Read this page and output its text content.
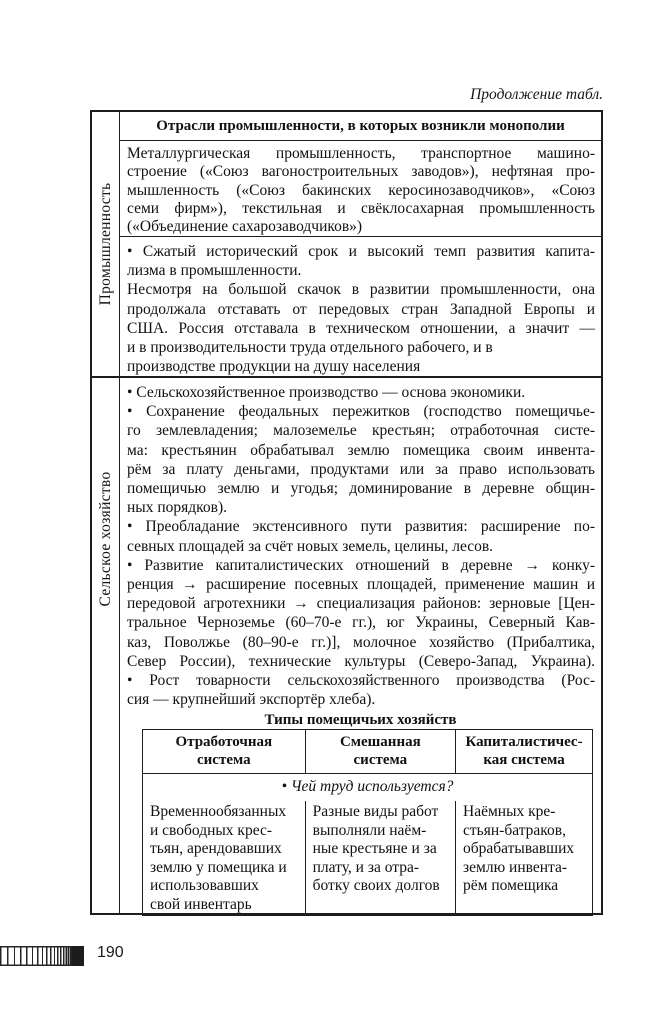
Продолжение табл.
Промышленность
Отрасли промышленности, в которых возникли монополии
Металлургическая промышленность, транспортное машино-
строение («Союз вагоностроительных заводов»), нефтяная про-
мышленность («Союз бакинских керосинозаводчиков», «Союз
семи фирм»), текстильная и свёклосахарная промышленность
(«Объединение сахарозаводчиков»)
• Сжатый исторический срок и высокий темп развития капита-
лизма в промышленности.
Несмотря на большой скачок в развитии промышленности, она
продолжала отставать от передовых стран Западной Европы и
США. Россия отставала в техническом отношении, а значит —
и в производительности труда отдельного рабочего, и в
производстве продукции на душу населения
Сельское хозяйство
• Сельскохозяйственное производство — основа экономики.
• Сохранение феодальных пережитков (господство помещичье-
го землевладения; малоземелье крестьян; отработочная систе-
ма: крестьянин обрабатывал землю помещика своим инвента-
рём за плату деньгами, продуктами или за право использовать
помещичью землю и угодья; доминирование в деревне общин-
ных порядков).
• Преобладание экстенсивного пути развития: расширение по-
севных площадей за счёт новых земель, целины, лесов.
• Развитие капиталистических отношений в деревне → конку-
ренция → расширение посевных площадей, применение машин и
передовой агротехники → специализация районов: зерновые [Цен-
тральное Черноземье (60–70-е гг.), юг Украины, Северный Кав-
каз, Поволжье (80–90-е гг.)], молочное хозяйство (Прибалтика,
Север России), технические культуры (Северо-Запад, Украина).
• Рост товарности сельскохозяйственного производства (Рос-
сия — крупнейший экспортёр хлеба).
Типы помещичьих хозяйств
Отработочная
система
Смешанная
система
Капиталистичес-
кая система
• Чей труд используется?
Временнообязанных
и свободных крес-
тьян, арендовавших
землю у помещика и
использовавших
свой инвентарь
Разные виды работ
выполняли наём-
ные крестьяне и за
плату, и за отра-
ботку своих долгов
Наёмных кре-
стьян-батраков,
обрабатывавших
землю инвента-
рём помещика
190
